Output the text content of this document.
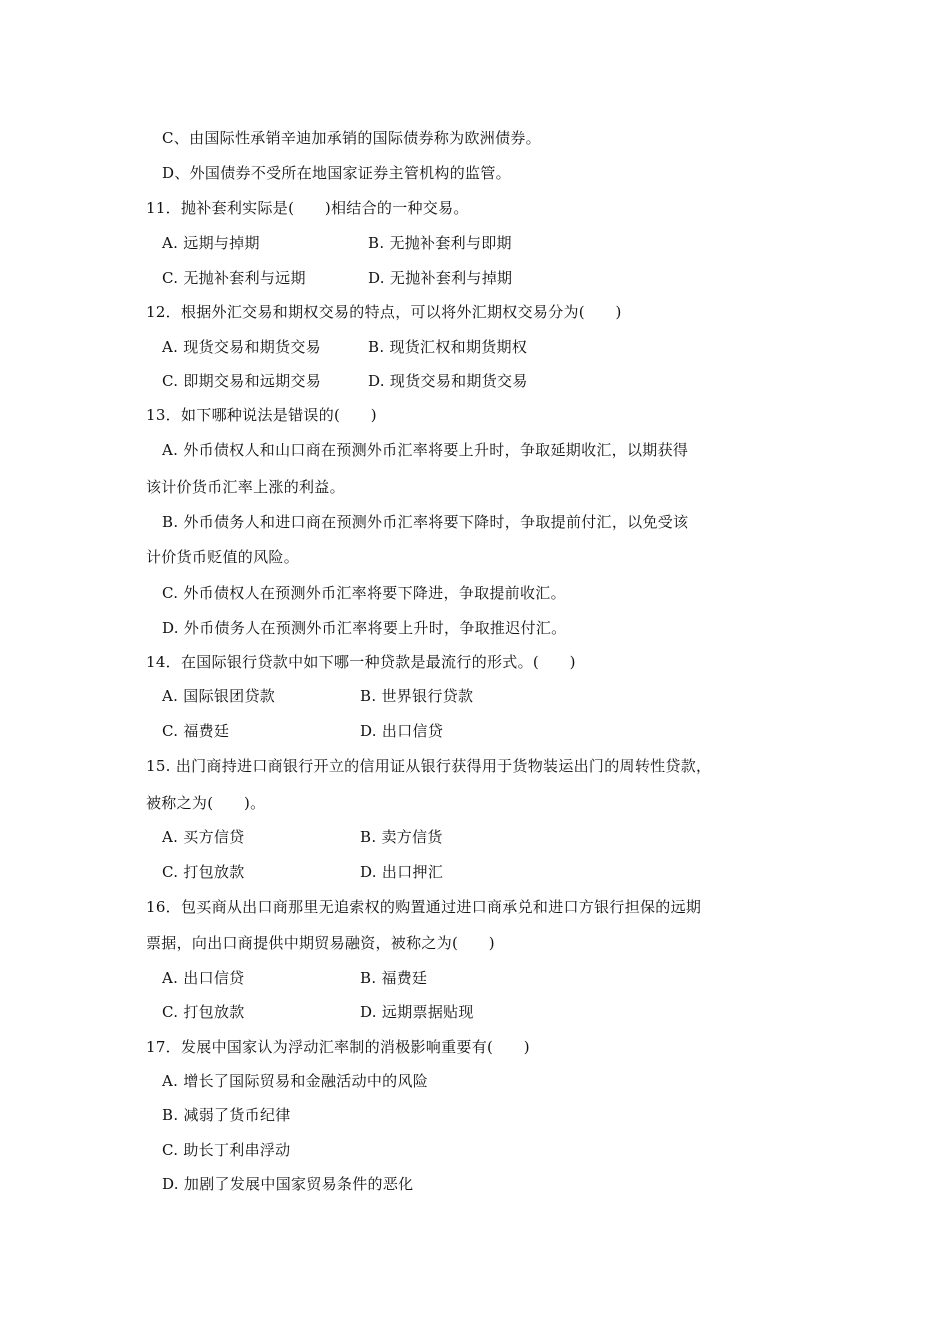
C、由国际性承销辛迪加承销的国际债券称为欧洲债券。
D、外国债券不受所在地国家证券主管机构的监管。
11．抛补套利实际是(　　)相结合的一种交易。
A. 远期与掉期	B. 无抛补套利与即期
C. 无抛补套利与远期	D. 无抛补套利与掉期
12．根据外汇交易和期权交易的特点，可以将外汇期权交易分为(　　)
A. 现货交易和期货交易	B. 现货汇权和期货期权
C. 即期交易和远期交易	D. 现货交易和期货交易
13．如下哪种说法是错误的(　　)
A. 外币债权人和山口商在预测外币汇率将要上升时，争取延期收汇，以期获得
该计价货币汇率上涨的利益。
B. 外币债务人和进口商在预测外币汇率将要下降时，争取提前付汇，以免受该
计价货币贬值的风险。
C. 外币债权人在预测外币汇率将要下降进，争取提前收汇。
D. 外币债务人在预测外币汇率将要上升时，争取推迟付汇。
14．在国际银行贷款中如下哪一种贷款是最流行的形式。(　　)
A. 国际银团贷款	B. 世界银行贷款
C. 福费廷	D. 出口信贷
15. 出门商持进口商银行开立的信用证从银行获得用于货物装运出门的周转性贷款，
被称之为(　　)。
A. 买方信贷	B. 卖方信货
C. 打包放款	D. 出口押汇
16．包买商从出口商那里无追索权的购置通过进口商承兑和进口方银行担保的远期
票据，向出口商提供中期贸易融资，被称之为(　　)
A. 出口信贷	B. 福费廷
C. 打包放款	D. 远期票据贴现
17．发展中国家认为浮动汇率制的消极影响重要有(　　)
A. 增长了国际贸易和金融活动中的风险
B. 减弱了货币纪律
C. 助长丁利串浮动
D. 加剧了发展中国家贸易条件的恶化
